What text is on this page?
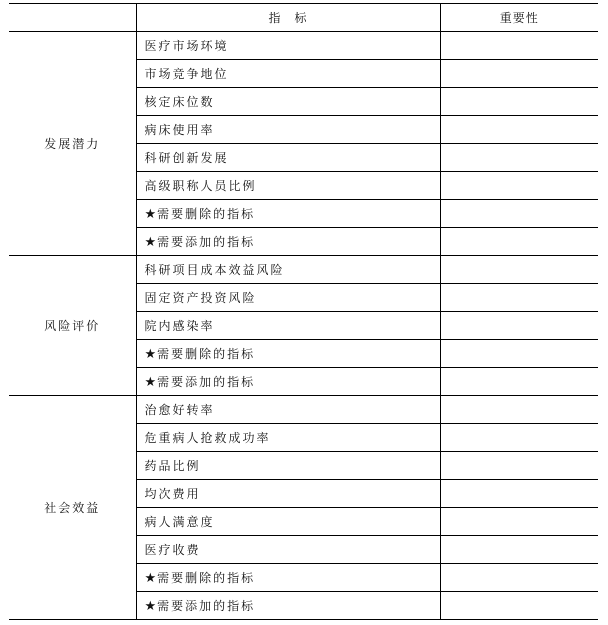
	指　标	重要性
发展潜力	医疗市场环境	
	市场竞争地位	
	核定床位数	
	病床使用率	
	科研创新发展	
	高级职称人员比例	
	★需要删除的指标	
	★需要添加的指标	
风险评价	科研项目成本效益风险	
	固定资产投资风险	
	院内感染率	
	★需要删除的指标	
	★需要添加的指标	
社会效益	治愈好转率	
	危重病人抢救成功率	
	药品比例	
	均次费用	
	病人满意度	
	医疗收费	
	★需要删除的指标	
	★需要添加的指标	
